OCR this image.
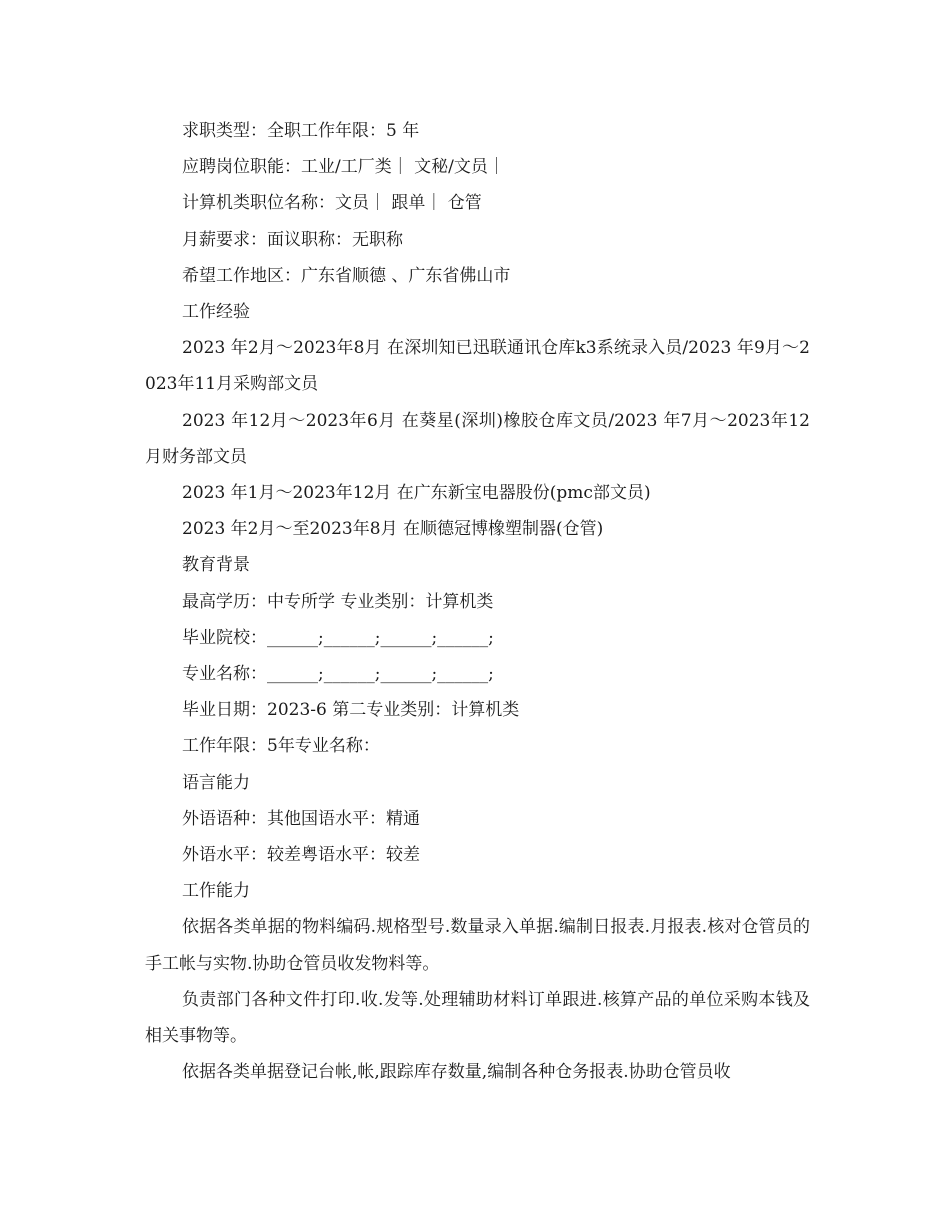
求职类型：全职工作年限：5 年

应聘岗位职能：工业/工厂类｜ 文秘/文员｜

计算机类职位名称：文员｜ 跟单｜ 仓管

月薪要求：面议职称：无职称

希望工作地区：广东省顺德 、广东省佛山市

工作经验

2023 年2月～2023年8月 在深圳知已迅联通讯仓库k3系统录入员/2023 年9月～2023年11月采购部文员

2023 年12月～2023年6月 在葵星(深圳)橡胶仓库文员/2023 年7月～2023年12月财务部文员

2023 年1月～2023年12月 在广东新宝电器股份(pmc部文员)

2023 年2月～至2023年8月 在顺德冠博橡塑制器(仓管)

教育背景

最高学历：中专所学 专业类别：计算机类

毕业院校：______;______;______;______;

专业名称：______;______;______;______;

毕业日期：2023-6 第二专业类别：计算机类

工作年限：5年专业名称：

语言能力

外语语种：其他国语水平：精通

外语水平：较差粤语水平：较差

工作能力

依据各类单据的物料编码.规格型号.数量录入单据.编制日报表.月报表.核对仓管员的手工帐与实物.协助仓管员收发物料等。

负责部门各种文件打印.收.发等.处理辅助材料订单跟进.核算产品的单位采购本钱及相关事物等。

依据各类单据登记台帐,帐,跟踪库存数量,编制各种仓务报表.协助仓管员收
